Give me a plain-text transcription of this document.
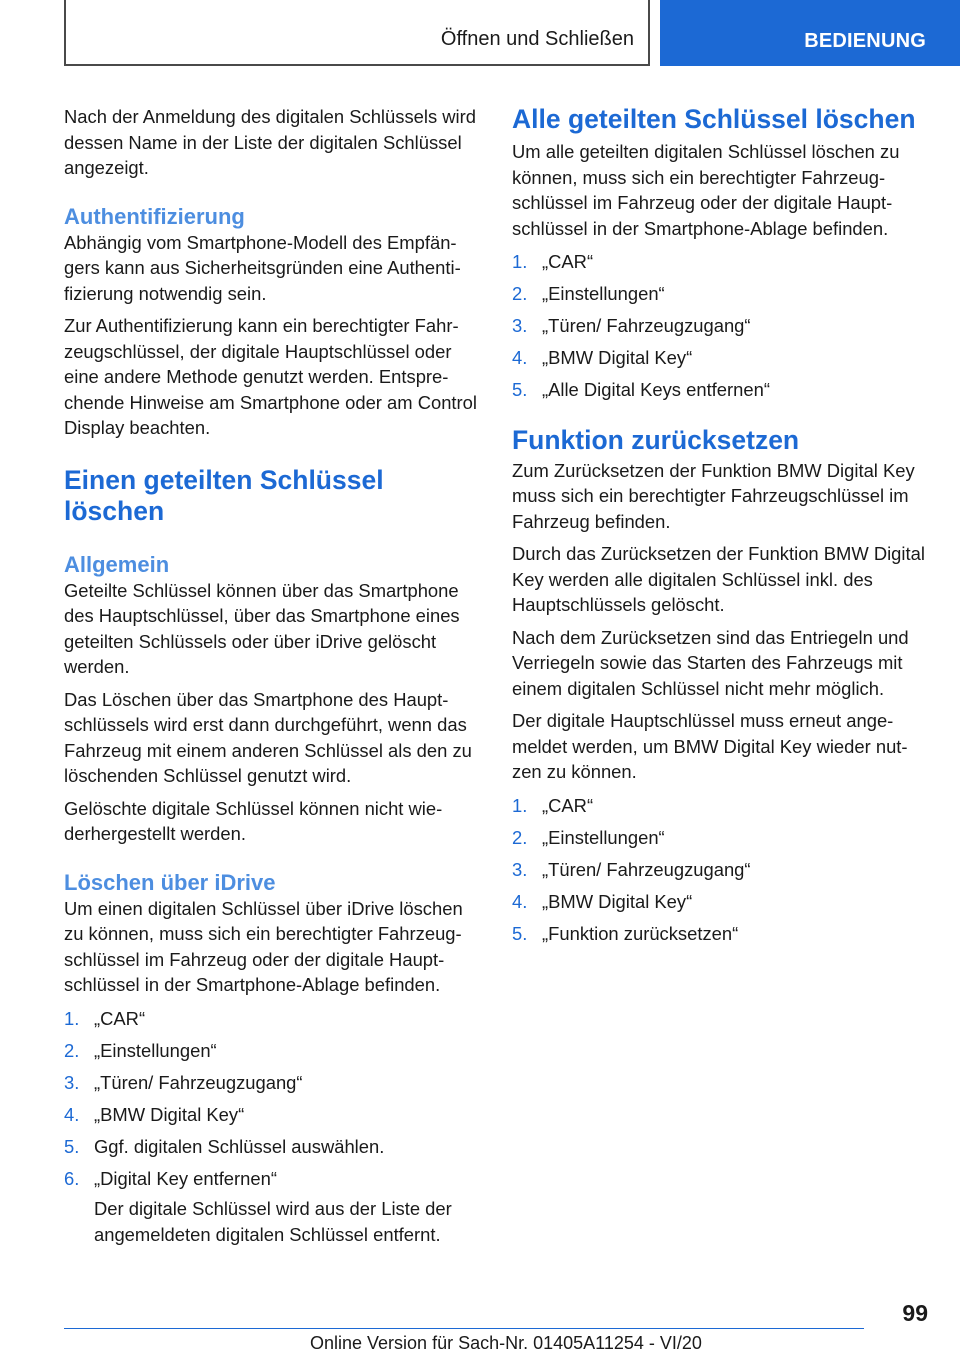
Öffnen und Schließen	BEDIENUNG

Nach der Anmeldung des digitalen Schlüssels wird dessen Name in der Liste der digitalen Schlüssel angezeigt.

Authentifizierung

Abhängig vom Smartphone-Modell des Empfängers kann aus Sicherheitsgründen eine Authentifizierung notwendig sein.

Zur Authentifizierung kann ein berechtigter Fahrzeugschlüssel, der digitale Hauptschlüssel oder eine andere Methode genutzt werden. Entsprechende Hinweise am Smartphone oder am Control Display beachten.

Einen geteilten Schlüssel
löschen
Allgemein

Geteilte Schlüssel können über das Smartphone des Hauptschlüssel, über das Smartphone eines geteilten Schlüssels oder über iDrive gelöscht werden.

Das Löschen über das Smartphone des Hauptschlüssels wird erst dann durchgeführt, wenn das Fahrzeug mit einem anderen Schlüssel als den zu löschenden Schlüssel genutzt wird.

Gelöschte digitale Schlüssel können nicht wiederhergestellt werden.

Löschen über iDrive

Um einen digitalen Schlüssel über iDrive löschen zu können, muss sich ein berechtigter Fahrzeugschlüssel im Fahrzeug oder der digitale Hauptschlüssel in der Smartphone-Ablage befinden.

1. „CAR“
2. „Einstellungen“
3. „Türen/ Fahrzeugzugang“
4. „BMW Digital Key“
5. Ggf. digitalen Schlüssel auswählen.
6. „Digital Key entfernen“
Der digitale Schlüssel wird aus der Liste der angemeldeten digitalen Schlüssel entfernt.
Alle geteilten Schlüssel löschen

Um alle geteilten digitalen Schlüssel löschen zu können, muss sich ein berechtigter Fahrzeugschlüssel im Fahrzeug oder der digitale Hauptschlüssel in der Smartphone-Ablage befinden.

1. „CAR“
2. „Einstellungen“
3. „Türen/ Fahrzeugzugang“
4. „BMW Digital Key“
5. „Alle Digital Keys entfernen“
Funktion zurücksetzen

Zum Zurücksetzen der Funktion BMW Digital Key muss sich ein berechtigter Fahrzeugschlüssel im Fahrzeug befinden.

Durch das Zurücksetzen der Funktion BMW Digital Key werden alle digitalen Schlüssel inkl. des Hauptschlüssels gelöscht.

Nach dem Zurücksetzen sind das Entriegeln und Verriegeln sowie das Starten des Fahrzeugs mit einem digitalen Schlüssel nicht mehr möglich.

Der digitale Hauptschlüssel muss erneut angemeldet werden, um BMW Digital Key wieder nutzen zu können.

1. „CAR“
2. „Einstellungen“
3. „Türen/ Fahrzeugzugang“
4. „BMW Digital Key“
5. „Funktion zurücksetzen“
99
Online Version für Sach-Nr. 01405A11254 - VI/20
